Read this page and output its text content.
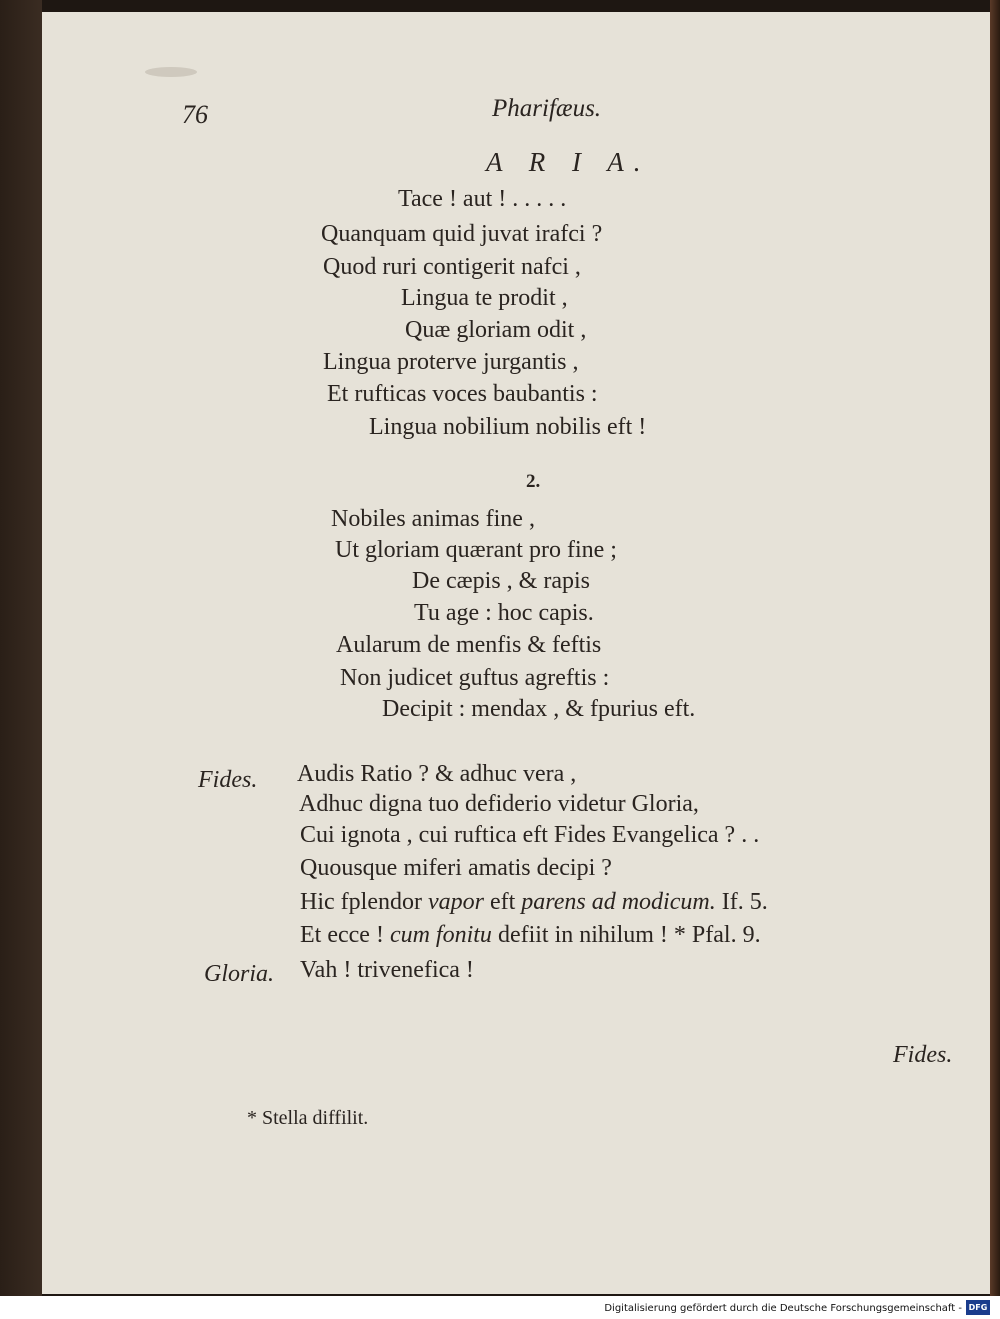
76	Pharifæus.
A R I A.
Tace ! aut ! . . . . .
Quanquam quid juvat irafci ?
Quod ruri contigerit nafci ,
Lingua te prodit ,
Quæ gloriam odit ,
Lingua proterve jurgantis ,
Et rufticas voces baubantis :
Lingua nobilium nobilis eft !
2.
Nobiles animas fine ,
Ut gloriam quærant pro fine ;
De cæpis , & rapis
Tu age : hoc capis.
Aularum de menfis & feftis
Non judicet guftus agreftis :
Decipit : mendax , & fpurius eft.
Fides. Audis Ratio ? & adhuc vera ,
Adhuc digna tuo defiderio videtur Gloria,
Cui ignota , cui ruftica eft Fides Evangelica ? . .
Quousque miferi amatis decipi ?
Hic fplendor vapor eft parens ad modicum. If. 5.
Et ecce ! cum fonitu defiit in nihilum ! * Pfal. 9.
Gloria. Vah ! trivenefica !
Fides.
* Stella diffilit.
Digitalisierung gefördert durch die Deutsche Forschungsgemeinschaft - DFG
